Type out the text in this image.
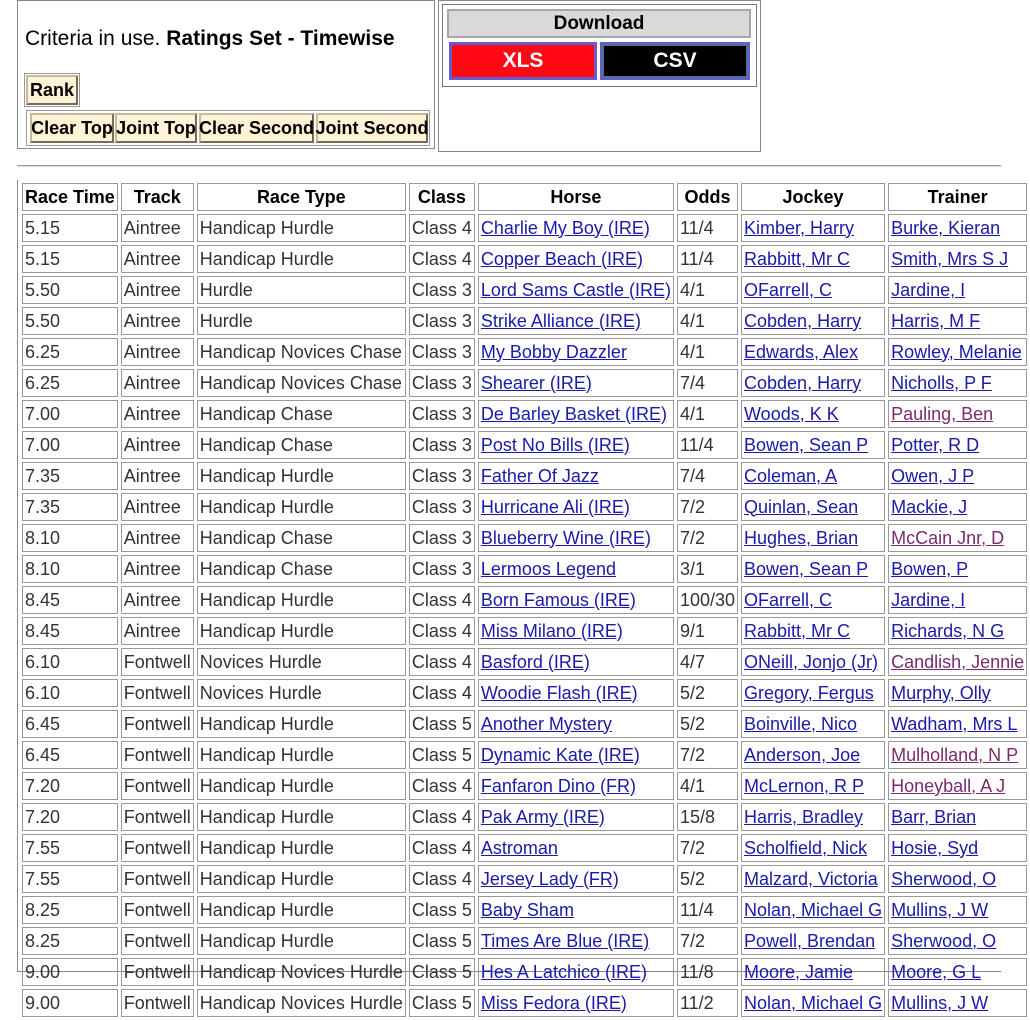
Criteria in use. Ratings Set - Timewise
Rank
Clear Top Joint Top Clear Second Joint Second
Download
XLS	CSV
Race Time	Track	Race Type	Class	Horse	Odds	Jockey	Trainer
5.15	Aintree	Handicap Hurdle	Class 4	Charlie My Boy (IRE)	11/4	Kimber, Harry	Burke, Kieran
5.15	Aintree	Handicap Hurdle	Class 4	Copper Beach (IRE)	11/4	Rabbitt, Mr C	Smith, Mrs S J
5.50	Aintree	Hurdle	Class 3	Lord Sams Castle (IRE)	4/1	OFarrell, C	Jardine, I
5.50	Aintree	Hurdle	Class 3	Strike Alliance (IRE)	4/1	Cobden, Harry	Harris, M F
6.25	Aintree	Handicap Novices Chase	Class 3	My Bobby Dazzler	4/1	Edwards, Alex	Rowley, Melanie
6.25	Aintree	Handicap Novices Chase	Class 3	Shearer (IRE)	7/4	Cobden, Harry	Nicholls, P F
7.00	Aintree	Handicap Chase	Class 3	De Barley Basket (IRE)	4/1	Woods, K K	Pauling, Ben
7.00	Aintree	Handicap Chase	Class 3	Post No Bills (IRE)	11/4	Bowen, Sean P	Potter, R D
7.35	Aintree	Handicap Hurdle	Class 3	Father Of Jazz	7/4	Coleman, A	Owen, J P
7.35	Aintree	Handicap Hurdle	Class 3	Hurricane Ali (IRE)	7/2	Quinlan, Sean	Mackie, J
8.10	Aintree	Handicap Chase	Class 3	Blueberry Wine (IRE)	7/2	Hughes, Brian	McCain Jnr, D
8.10	Aintree	Handicap Chase	Class 3	Lermoos Legend	3/1	Bowen, Sean P	Bowen, P
8.45	Aintree	Handicap Hurdle	Class 4	Born Famous (IRE)	100/30	OFarrell, C	Jardine, I
8.45	Aintree	Handicap Hurdle	Class 4	Miss Milano (IRE)	9/1	Rabbitt, Mr C	Richards, N G
6.10	Fontwell	Novices Hurdle	Class 4	Basford (IRE)	4/7	ONeill, Jonjo (Jr)	Candlish, Jennie
6.10	Fontwell	Novices Hurdle	Class 4	Woodie Flash (IRE)	5/2	Gregory, Fergus	Murphy, Olly
6.45	Fontwell	Handicap Hurdle	Class 5	Another Mystery	5/2	Boinville, Nico	Wadham, Mrs L
6.45	Fontwell	Handicap Hurdle	Class 5	Dynamic Kate (IRE)	7/2	Anderson, Joe	Mulholland, N P
7.20	Fontwell	Handicap Hurdle	Class 4	Fanfaron Dino (FR)	4/1	McLernon, R P	Honeyball, A J
7.20	Fontwell	Handicap Hurdle	Class 4	Pak Army (IRE)	15/8	Harris, Bradley	Barr, Brian
7.55	Fontwell	Handicap Hurdle	Class 4	Astroman	7/2	Scholfield, Nick	Hosie, Syd
7.55	Fontwell	Handicap Hurdle	Class 4	Jersey Lady (FR)	5/2	Malzard, Victoria	Sherwood, O
8.25	Fontwell	Handicap Hurdle	Class 5	Baby Sham	11/4	Nolan, Michael G	Mullins, J W
8.25	Fontwell	Handicap Hurdle	Class 5	Times Are Blue (IRE)	7/2	Powell, Brendan	Sherwood, O
9.00	Fontwell	Handicap Novices Hurdle	Class 5	Hes A Latchico (IRE)	11/8	Moore, Jamie	Moore, G L
9.00	Fontwell	Handicap Novices Hurdle	Class 5	Miss Fedora (IRE)	11/2	Nolan, Michael G	Mullins, J W
